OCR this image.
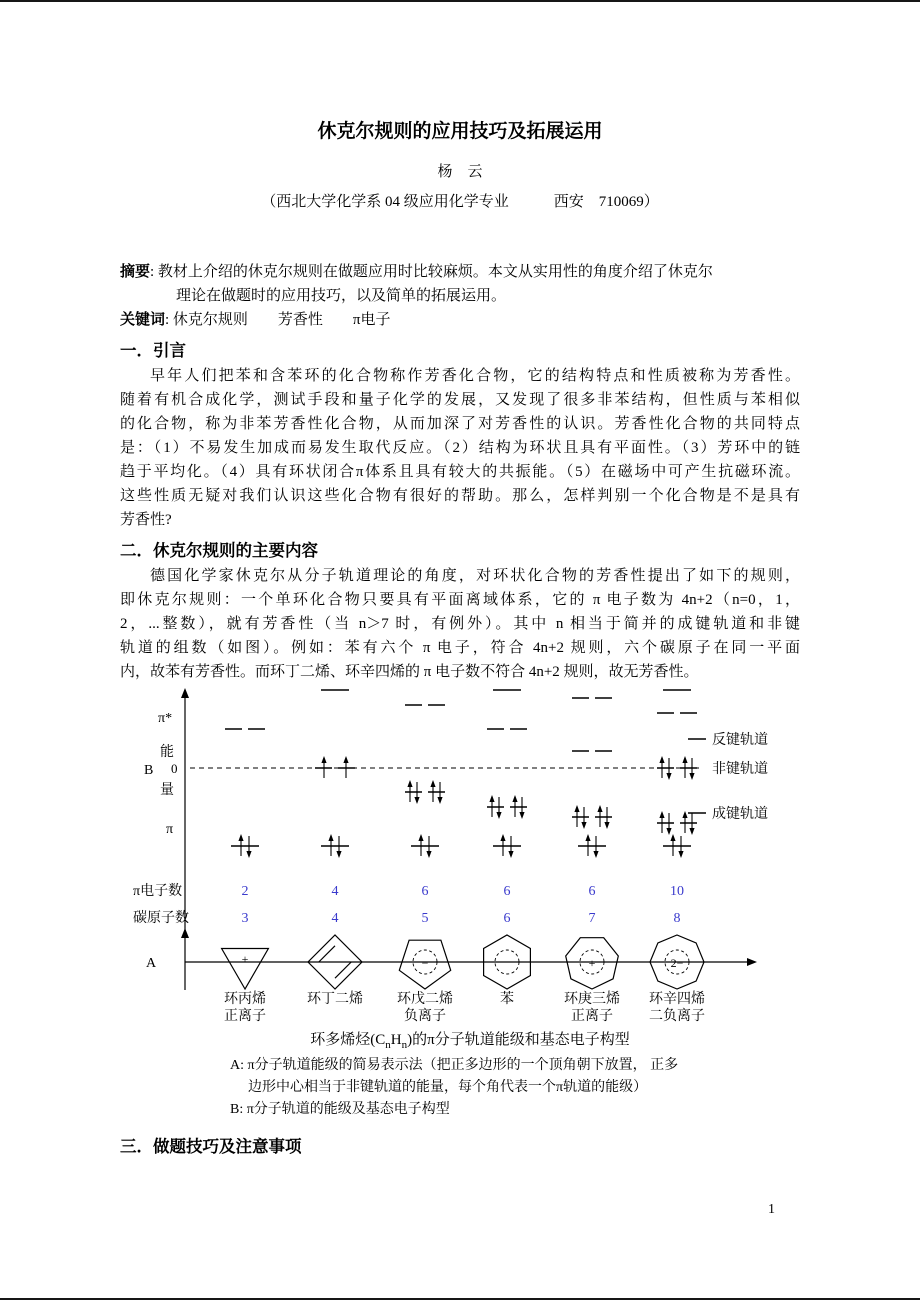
休克尔规则的应用技巧及拓展运用
杨　云
（西北大学化学系 04 级应用化学专业　　　西安　710069）
摘要: 教材上介绍的休克尔规则在做题应用时比较麻烦。本文从实用性的角度介绍了休克尔
理论在做题时的应用技巧，以及简单的拓展运用。
关键词: 休克尔规则　　芳香性　　π电子
一．引言
早年人们把苯和含苯环的化合物称作芳香化合物，它的结构特点和性质被称为芳香性。
随着有机合成化学，测试手段和量子化学的发展，又发现了很多非苯结构，但性质与苯相似
的化合物，称为非苯芳香性化合物，从而加深了对芳香性的认识。芳香性化合物的共同特点
是：（1）不易发生加成而易发生取代反应。（2）结构为环状且具有平面性。（3）芳环中的链
趋于平均化。（4）具有环状闭合π体系且具有较大的共振能。（5）在磁场中可产生抗磁环流。
这些性质无疑对我们认识这些化合物有很好的帮助。那么，怎样判别一个化合物是不是具有
芳香性?
二．休克尔规则的主要内容
德国化学家休克尔从分子轨道理论的角度，对环状化合物的芳香性提出了如下的规则，
即休克尔规则：一个单环化合物只要具有平面离域体系，它的 π 电子数为 4n+2（n=0，1，
2，...整数），就有芳香性（当 n＞7 时，有例外）。其中 n 相当于简并的成键轨道和非键
轨道的组数（如图）。例如：苯有六个 π 电子，符合 4n+2 规则，六个碳原子在同一平面
内，故苯有芳香性。而环丁二烯、环辛四烯的 π 电子数不符合 4n+2 规则，故无芳香性。
π*
能
B 0
量
π
反键轨道
非键轨道
成键轨道
π电子数
碳原子数
A
2
3
+
环丙烯
正离子
4
4
环丁二烯
6
5
−
环戊二烯
负离子
6
6
苯
6
7
+
环庚三烯
正离子
10
8
2−
环辛四烯
二负离子
环多烯烃$(C_nH_n)$的π分子轨道能级和基态电子构型
A: π分子轨道能级的简易表示法（把正多边形的一个顶角朝下放置， 正多
边形中心相当于非键轨道的能量，每个角代表一个π轨道的能级）
B: π分子轨道的能级及基态电子构型
三．做题技巧及注意事项
1
